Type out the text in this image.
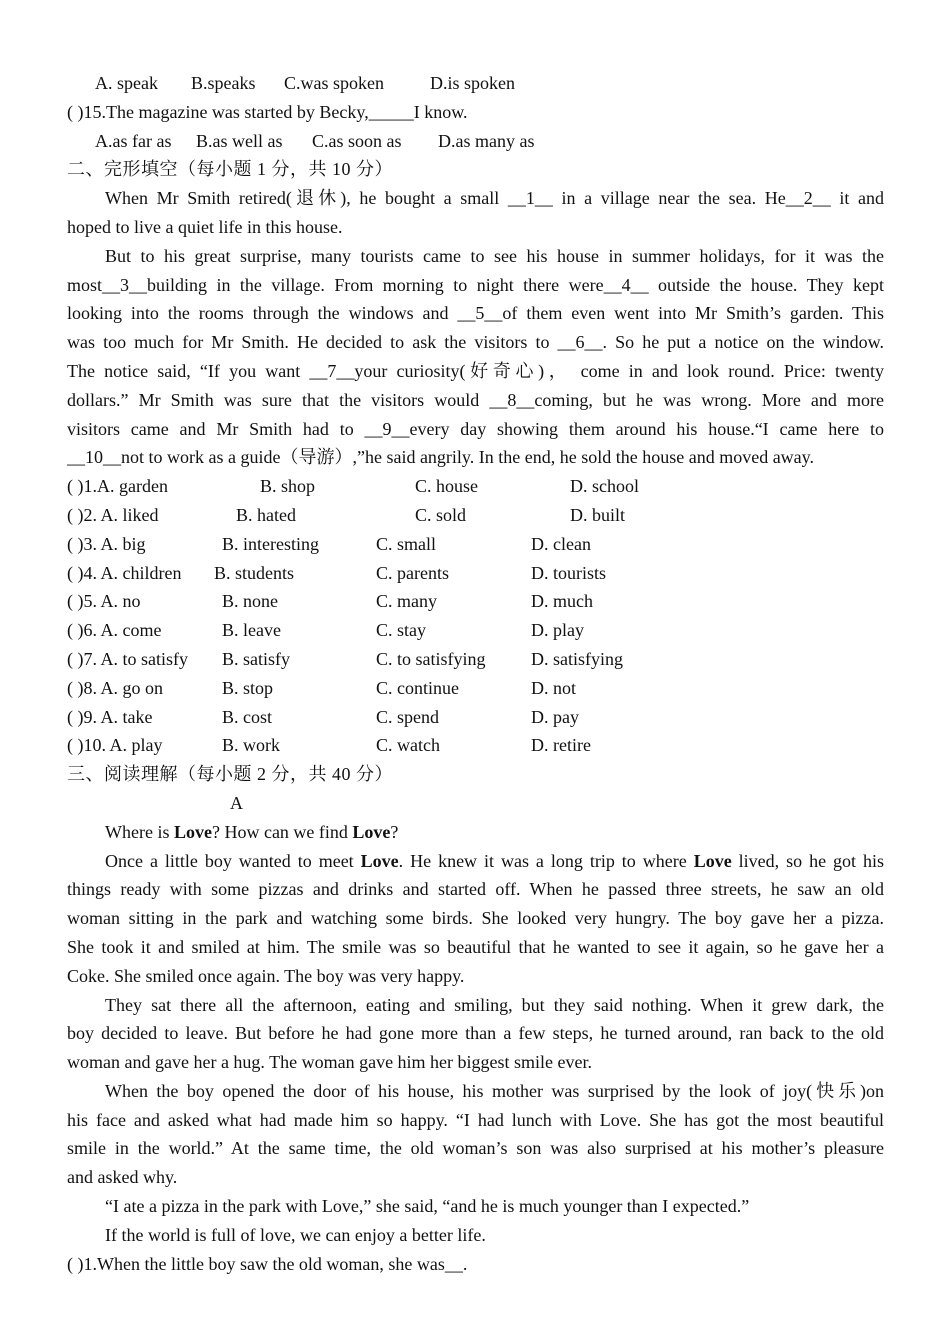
A. speak B.speaks C.was spoken	D.is spoken
( )15.The magazine was started by Becky,_____I know.
A.as far as B.as well as C.as soon as D.as many as
二、完形填空（每小题 1 分，共 10 分）
When Mr Smith retired(退休), he bought a small __1__ in a village near the sea. He__2__ it and
hoped to live a quiet life in this house.
But to his great surprise, many tourists came to see his house in summer holidays, for it was the
most__3__building in the village. From morning to night there were__4__ outside the house. They kept
looking into the rooms through the windows and __5__of them even went into Mr Smith’s garden. This
was too much for Mr Smith. He decided to ask the visitors to __6__. So he put a notice on the window.
The notice said, “If you want __7__your curiosity(好奇心)， come in and look round. Price: twenty
dollars.” Mr Smith was sure that the visitors would __8__coming, but he was wrong. More and more
visitors came and Mr Smith had to __9__every day showing them around his house.“I came here to
__10__not to work as a guide（导游）,”he said angrily. In the end, he sold the house and moved away.
( )1.A. garden	B. shop	C. house	D. school
( )2. A. liked	B. hated	C. sold	D. built
( )3. A. big	B. interesting	C. small	D. clean
( )4. A. children B. students	C. parents	D. tourists
( )5. A. no	B. none	C. many	D. much
( )6. A. come	B. leave	C. stay	D. play
( )7. A. to satisfy B. satisfy	C. to satisfying	D. satisfying
( )8. A. go on	B. stop	C. continue	D. not
( )9. A. take	B. cost	C. spend	D. pay
( )10. A. play	B. work	C. watch	D. retire
三、阅读理解（每小题 2 分，共 40 分）
A
Where is Love? How can we find Love?
Once a little boy wanted to meet Love. He knew it was a long trip to where Love lived, so he got his
things ready with some pizzas and drinks and started off. When he passed three streets, he saw an old
woman sitting in the park and watching some birds. She looked very hungry. The boy gave her a pizza.
She took it and smiled at him. The smile was so beautiful that he wanted to see it again, so he gave her a
Coke. She smiled once again. The boy was very happy.
They sat there all the afternoon, eating and smiling, but they said nothing. When it grew dark, the
boy decided to leave. But before he had gone more than a few steps, he turned around, ran back to the old
woman and gave her a hug. The woman gave him her biggest smile ever.
When the boy opened the door of his house, his mother was surprised by the look of joy(快乐)on
his face and asked what had made him so happy. “I had lunch with Love. She has got the most beautiful
smile in the world.” At the same time, the old woman’s son was also surprised at his mother’s pleasure
and asked why.
“I ate a pizza in the park with Love,” she said, “and he is much younger than I expected.”
If the world is full of love, we can enjoy a better life.
( )1.When the little boy saw the old woman, she was__.
